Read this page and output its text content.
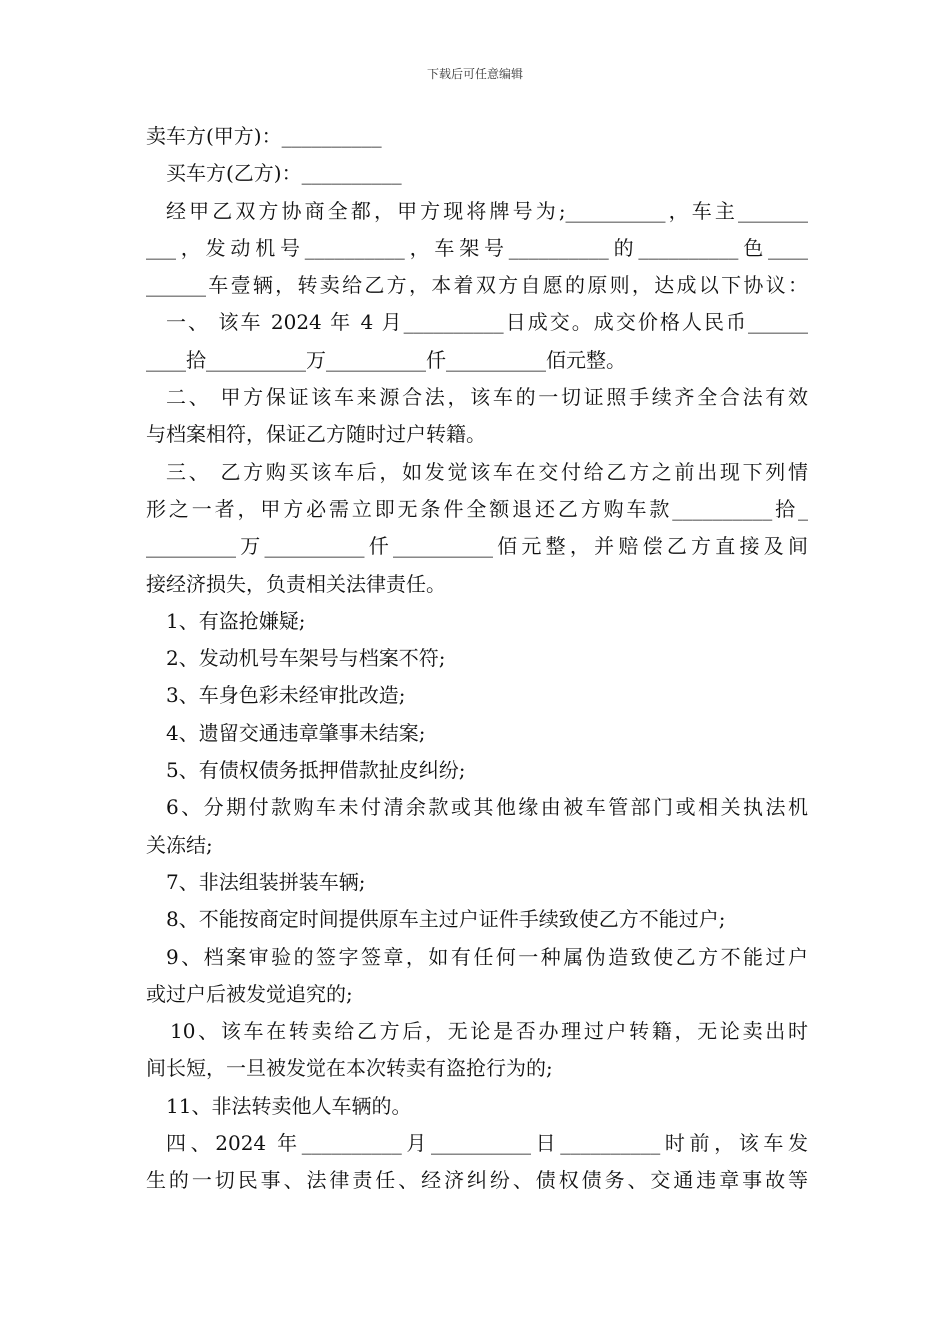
下载后可任意编辑
卖车方(甲方)：__________
买车方(乙方)：__________
经甲乙双方协商全都，甲方现将牌号为;__________，车主_______
___，发动机号__________，车架号__________的__________色____
______车壹辆，转卖给乙方，本着双方自愿的原则，达成以下协议：
一、 该车 2024 年 4 月__________日成交。成交价格人民币______
____拾__________万__________仟__________佰元整。
二、 甲方保证该车来源合法，该车的一切证照手续齐全合法有效
与档案相符，保证乙方随时过户转籍。
三、 乙方购买该车后，如发觉该车在交付给乙方之前出现下列情
形之一者，甲方必需立即无条件全额退还乙方购车款__________拾_
_________万__________仟__________佰元整，并赔偿乙方直接及间
接经济损失，负责相关法律责任。
1、有盗抢嫌疑;
2、发动机号车架号与档案不符;
3、车身色彩未经审批改造;
4、遗留交通违章肇事未结案;
5、有债权债务抵押借款扯皮纠纷;
6、分期付款购车未付清余款或其他缘由被车管部门或相关执法机
关冻结;
7、非法组装拼装车辆;
8、不能按商定时间提供原车主过户证件手续致使乙方不能过户;
9、档案审验的签字签章，如有任何一种属伪造致使乙方不能过户
或过户后被发觉追究的;
10、该车在转卖给乙方后，无论是否办理过户转籍，无论卖出时
间长短，一旦被发觉在本次转卖有盗抢行为的;
11、非法转卖他人车辆的。
四、2024 年__________月__________日__________时前，该车发
生的一切民事、法律责任、经济纠纷、债权债务、交通违章事故等
